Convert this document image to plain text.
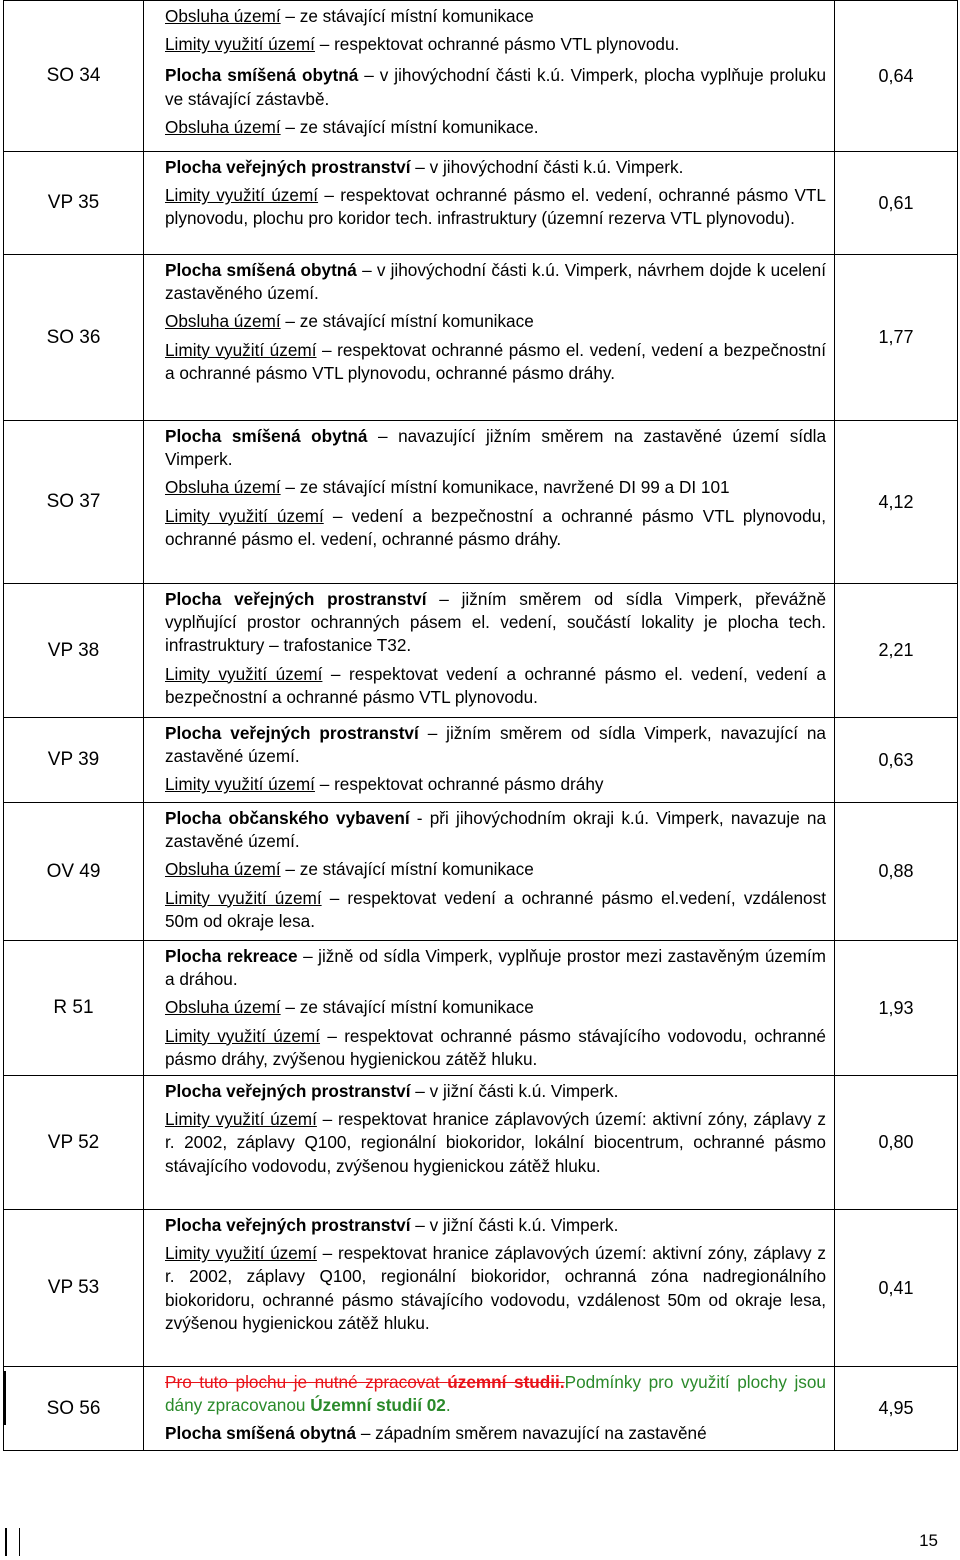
SO 34	Obsluha území – ze stávající místní komunikace
Limity využití území – respektovat ochranné pásmo VTL plynovodu.
Plocha smíšená obytná – v jihovýchodní části k.ú. Vimperk, plocha vyplňuje proluku ve stávající zástavbě.
Obsluha území – ze stávající místní komunikace.	0,64
VP 35	Plocha veřejných prostranství – v jihovýchodní části k.ú. Vimperk.
Limity využití území – respektovat ochranné pásmo el. vedení, ochranné pásmo VTL plynovodu, plochu pro koridor tech. infrastruktury (územní rezerva VTL plynovodu).	0,61
SO 36	Plocha smíšená obytná – v jihovýchodní části k.ú. Vimperk, návrhem dojde k ucelení zastavěného území.
Obsluha území – ze stávající místní komunikace
Limity využití území – respektovat ochranné pásmo el. vedení, vedení a bezpečnostní a ochranné pásmo VTL plynovodu, ochranné pásmo dráhy.	1,77
SO 37	Plocha smíšená obytná – navazující jižním směrem na zastavěné území sídla Vimperk.
Obsluha území – ze stávající místní komunikace, navržené DI 99 a DI 101
Limity využití území – vedení a bezpečnostní a ochranné pásmo VTL plynovodu, ochranné pásmo el. vedení, ochranné pásmo dráhy.	4,12
VP 38	Plocha veřejných prostranství – jižním směrem od sídla Vimperk, převážně vyplňující prostor ochranných pásem el. vedení, součástí lokality je plocha tech. infrastruktury – trafostanice T32.
Limity využití území – respektovat vedení a ochranné pásmo el. vedení, vedení a bezpečnostní a ochranné pásmo VTL plynovodu.	2,21
VP 39	Plocha veřejných prostranství – jižním směrem od sídla Vimperk, navazující na zastavěné území.
Limity využití území – respektovat ochranné pásmo dráhy	0,63
OV 49	Plocha občanského vybavení - při jihovýchodním okraji k.ú. Vimperk, navazuje na zastavěné území.
Obsluha území – ze stávající místní komunikace
Limity využití území – respektovat vedení a ochranné pásmo el.vedení, vzdálenost 50m od okraje lesa.	0,88
R 51	Plocha rekreace – jižně od sídla Vimperk, vyplňuje prostor mezi zastavěným územím a dráhou.
Obsluha území – ze stávající místní komunikace
Limity využití území – respektovat ochranné pásmo stávajícího vodovodu, ochranné pásmo dráhy, zvýšenou hygienickou zátěž hluku.	1,93
VP 52	Plocha veřejných prostranství – v jižní části k.ú. Vimperk.
Limity využití území – respektovat hranice záplavových území: aktivní zóny, záplavy z r. 2002, záplavy Q100, regionální biokoridor, lokální biocentrum, ochranné pásmo stávajícího vodovodu, zvýšenou hygienickou zátěž hluku.	0,80
VP 53	Plocha veřejných prostranství – v jižní části k.ú. Vimperk.
Limity využití území – respektovat hranice záplavových území: aktivní zóny, záplavy z r. 2002, záplavy Q100, regionální biokoridor, ochranná zóna nadregionálního biokoridoru, ochranné pásmo stávajícího vodovodu, vzdálenost 50m od okraje lesa, zvýšenou hygienickou zátěž hluku.	0,41
SO 56	Pro tuto plochu je nutné zpracovat územní studii.Podmínky pro využití plochy jsou dány zpracovanou Územní studií 02.
Plocha smíšená obytná – západním směrem navazující na zastavěné	4,95
15
